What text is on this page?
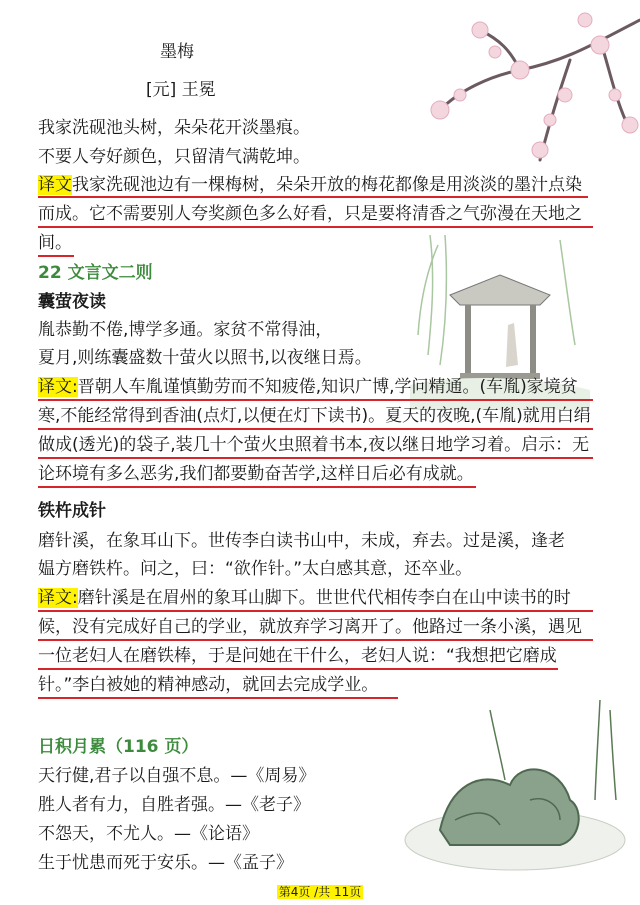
墨梅
[元] 王冕
我家洗砚池头树，朵朵花开淡墨痕。
不要人夸好颜色，只留清气满乾坤。
译文我家洗砚池边有一棵梅树，朵朵开放的梅花都像是用淡淡的墨汁点染
而成。它不需要别人夸奖颜色多么好看，只是要将清香之气弥漫在天地之
间。
22 文言文二则
囊萤夜读
胤恭勤不倦,博学多通。家贫不常得油，
夏月,则练囊盛数十萤火以照书,以夜继日焉。
译文:晋朝人车胤谨慎勤劳而不知疲倦,知识广博,学问精通。(车胤)家境贫
寒,不能经常得到香油(点灯,以便在灯下读书)。夏天的夜晚,(车胤)就用白绢
做成(透光)的袋子,装几十个萤火虫照着书本,夜以继日地学习着。启示：无
论环境有多么恶劣,我们都要勤奋苦学,这样日后必有成就。
铁杵成针
磨针溪，在象耳山下。世传李白读书山中，未成，弃去。过是溪，逢老
媪方磨铁杵。问之，曰：“欲作针。”太白感其意，还卒业。
译文:磨针溪是在眉州的象耳山脚下。世世代代相传李白在山中读书的时
候，没有完成好自己的学业，就放弃学习离开了。他路过一条小溪，遇见
一位老妇人在磨铁棒，于是问她在干什么，老妇人说：“我想把它磨成
针。”李白被她的精神感动，就回去完成学业。
日积月累（116 页）
天行健,君子以自强不息。—《周易》
胜人者有力，自胜者强。—《老子》
不怨天，不尤人。—《论语》
生于忧患而死于安乐。—《孟子》
第4页 /共 11页
